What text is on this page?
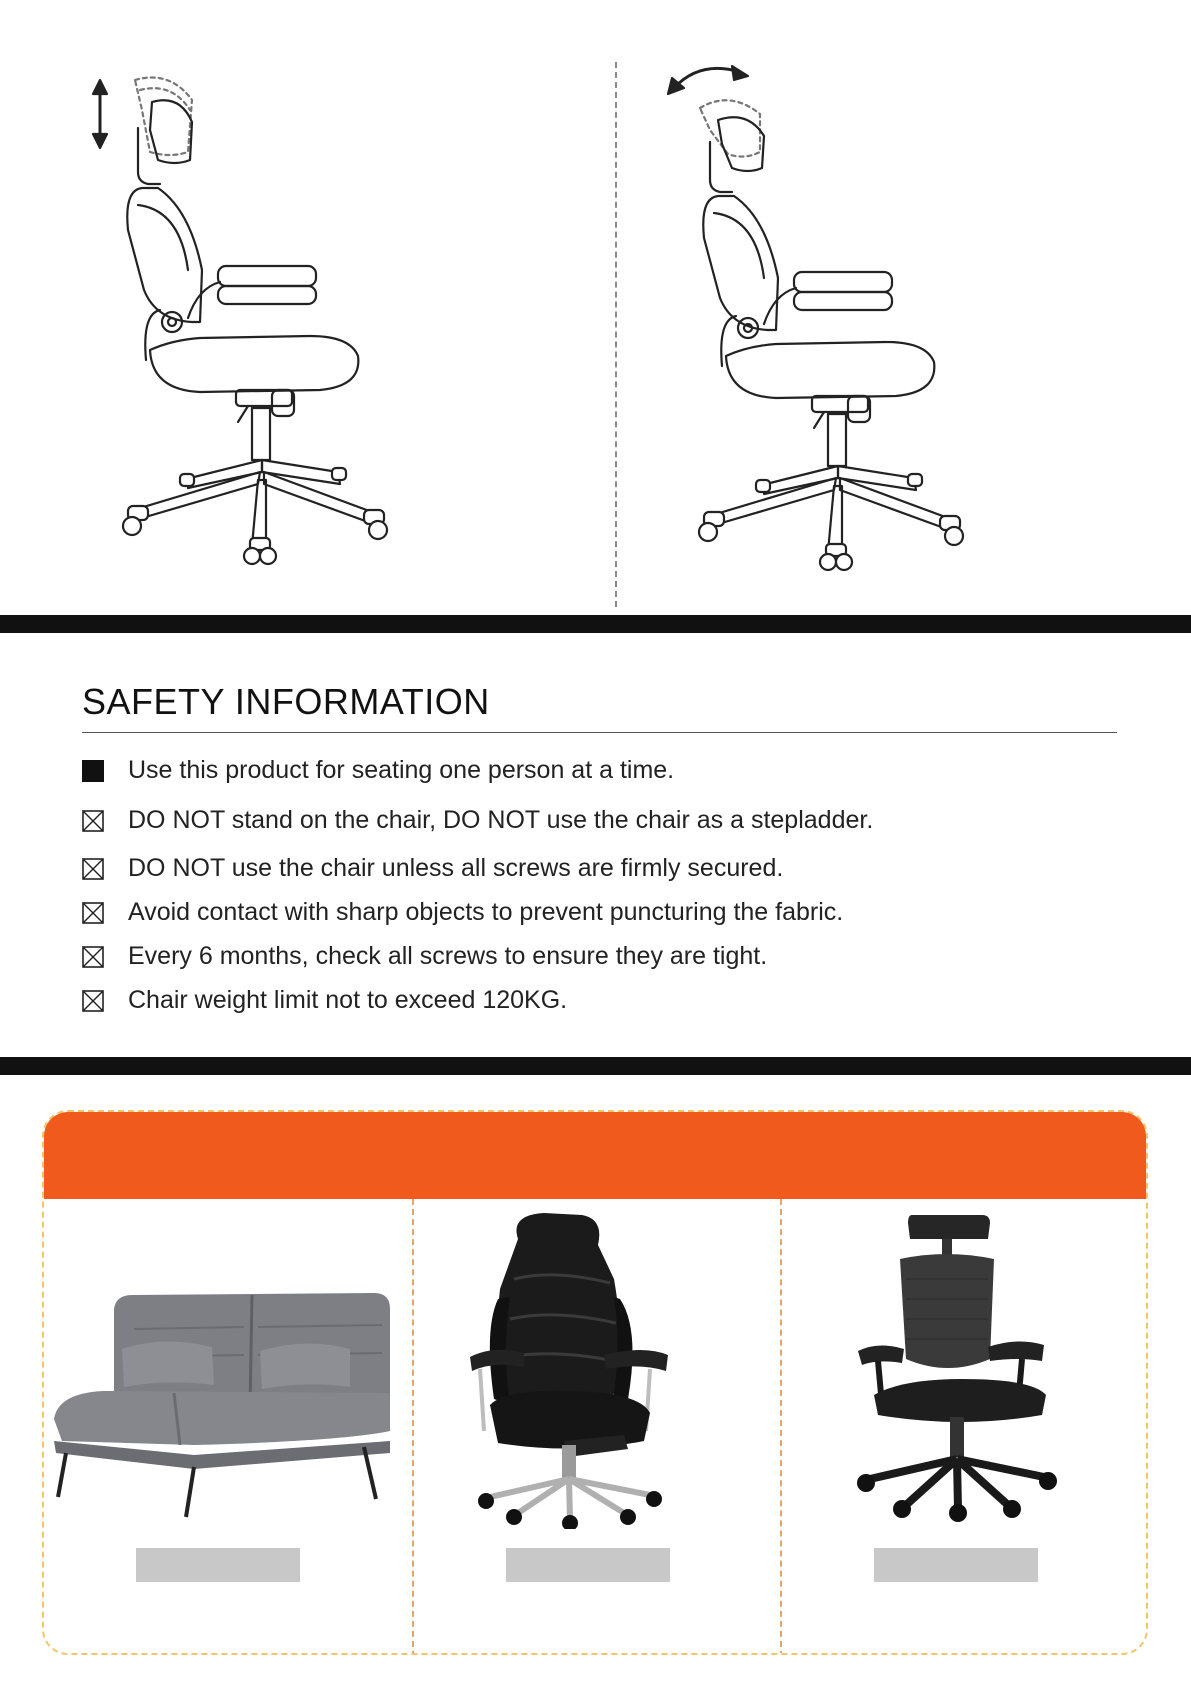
SAFETY INFORMATION
Use this product for seating one person at a time.
DO NOT stand on the chair, DO NOT use the chair as a stepladder.
DO NOT use the chair unless all screws are firmly secured.
Avoid contact with sharp objects to prevent puncturing the fabric.
Every 6 months, check all screws to ensure they are tight.
Chair weight limit not to exceed 120KG.
